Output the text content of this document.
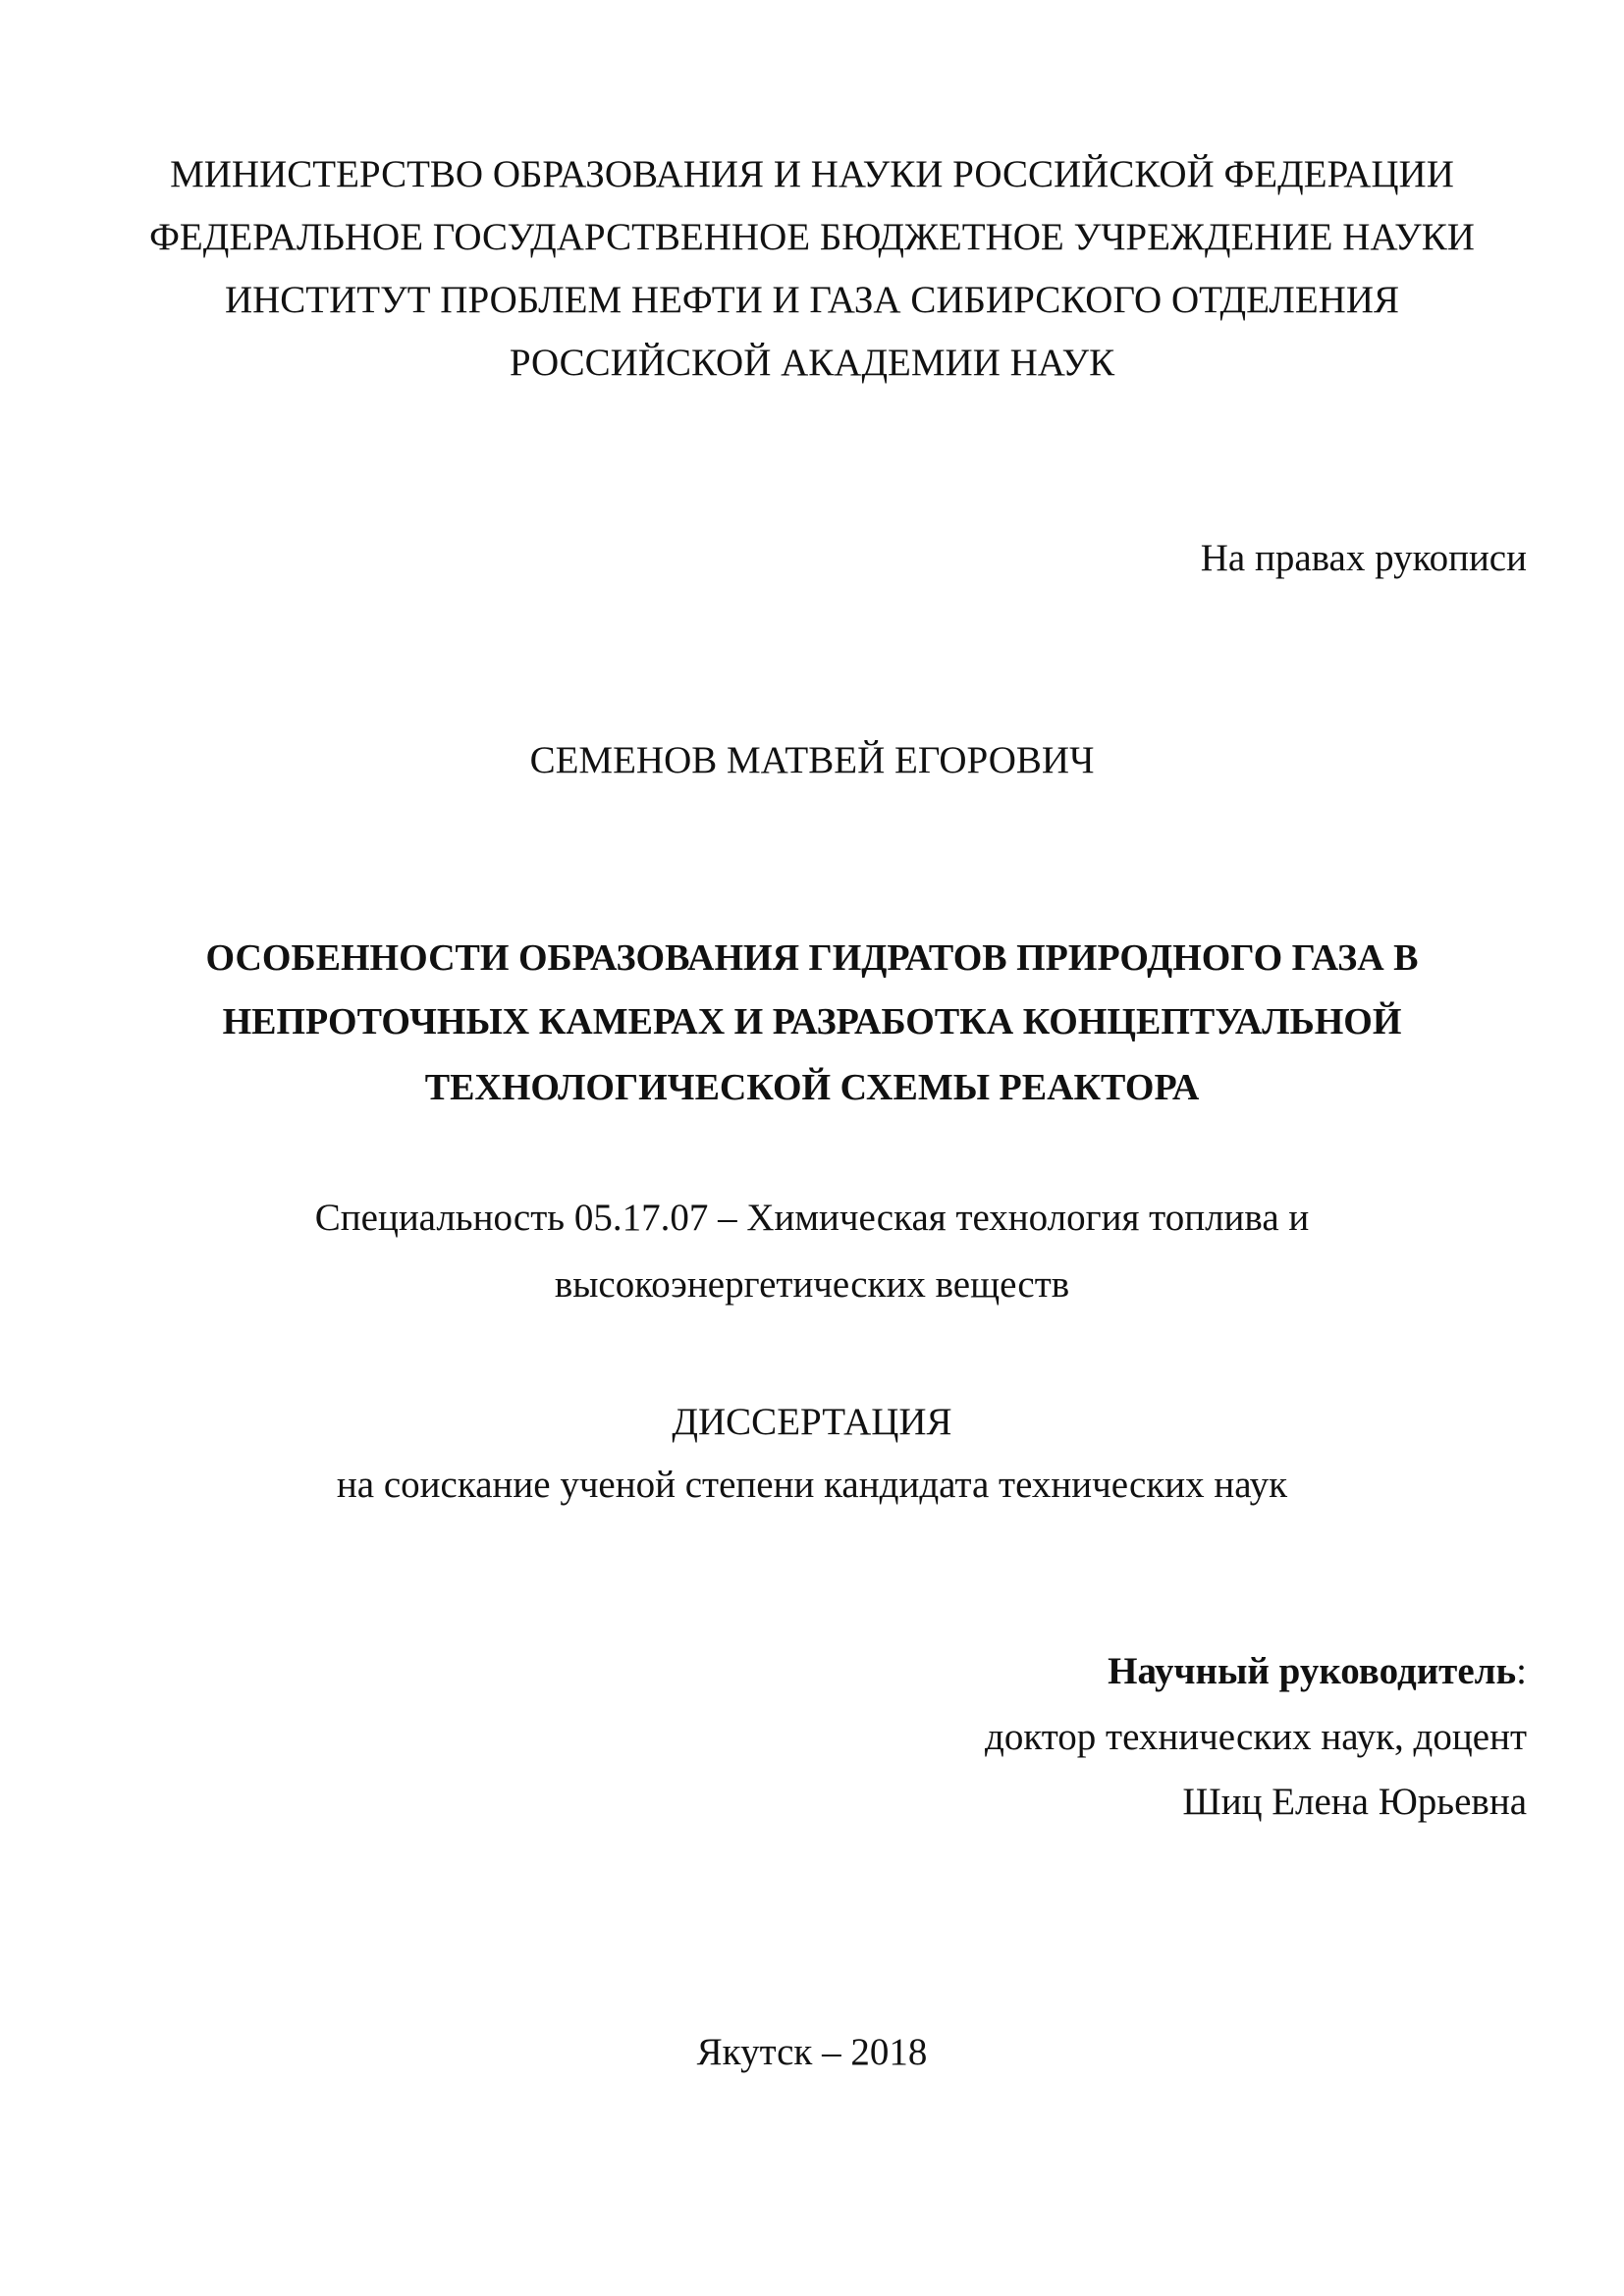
МИНИСТЕРСТВО ОБРАЗОВАНИЯ И НАУКИ РОССИЙСКОЙ ФЕДЕРАЦИИ
ФЕДЕРАЛЬНОЕ ГОСУДАРСТВЕННОЕ БЮДЖЕТНОЕ УЧРЕЖДЕНИЕ НАУКИ
ИНСТИТУТ ПРОБЛЕМ НЕФТИ И ГАЗА СИБИРСКОГО ОТДЕЛЕНИЯ
РОССИЙСКОЙ АКАДЕМИИ НАУК
На правах рукописи
СЕМЕНОВ МАТВЕЙ ЕГОРОВИЧ
ОСОБЕННОСТИ ОБРАЗОВАНИЯ ГИДРАТОВ ПРИРОДНОГО ГАЗА В
НЕПРОТОЧНЫХ КАМЕРАХ И РАЗРАБОТКА КОНЦЕПТУАЛЬНОЙ
ТЕХНОЛОГИЧЕСКОЙ СХЕМЫ РЕАКТОРА
Специальность 05.17.07 – Химическая технология топлива и
высокоэнергетических веществ
ДИССЕРТАЦИЯ
на соискание ученой степени кандидата технических наук
Научный руководитель:
доктор технических наук, доцент
Шиц Елена Юрьевна
Якутск – 2018
